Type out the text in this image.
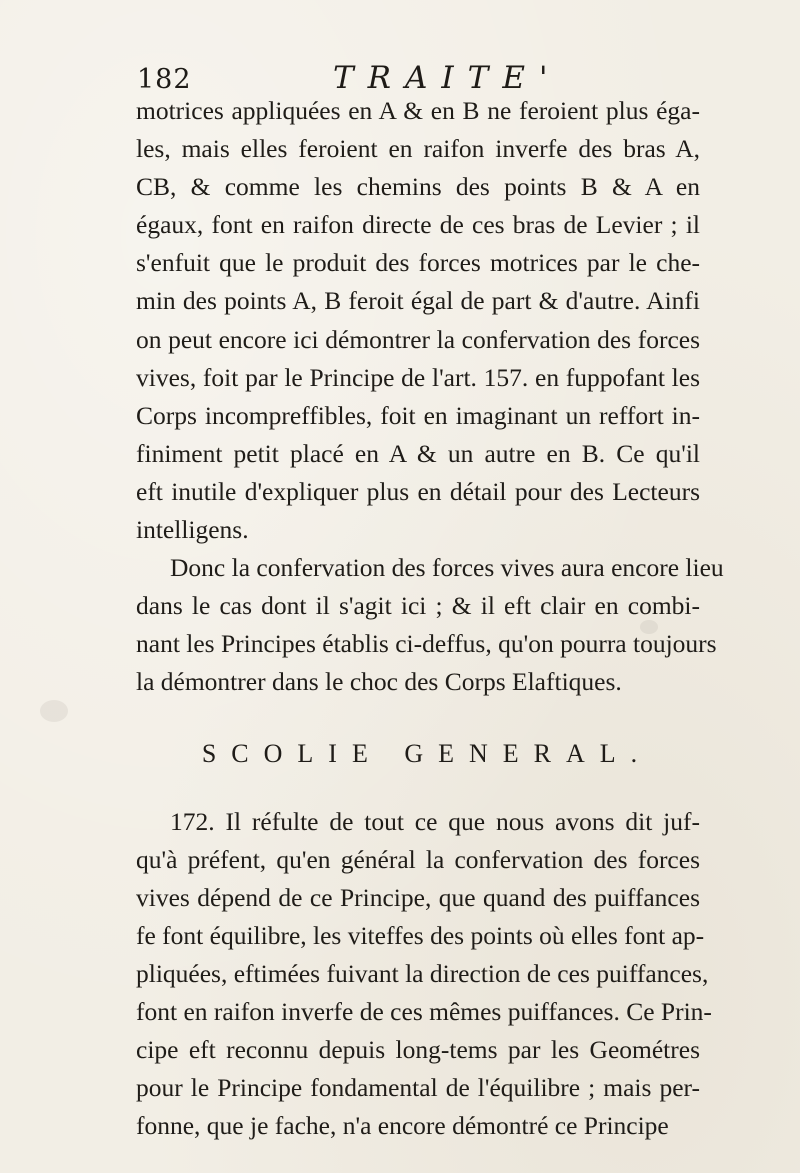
182	TRAITE'
motrices appliquées en A & en B ne feroient plus éga-
les, mais elles feroient en raifon inverfe des bras A,
CB, & comme les chemins des points B & A en
égaux, font en raifon directe de ces bras de Levier ; il
s'enfuit que le produit des forces motrices par le che-
min des points A, B feroit égal de part & d'autre. Ainfi
on peut encore ici démontrer la confervation des forces
vives, foit par le Principe de l'art. 157. en fuppofant les
Corps incompreffibles, foit en imaginant un reffort in-
finiment petit placé en A & un autre en B. Ce qu'il
eft inutile d'expliquer plus en détail pour des Lecteurs
intelligens.
Donc la confervation des forces vives aura encore lieu
dans le cas dont il s'agit ici ; & il eft clair en combi-
nant les Principes établis ci-deffus, qu'on pourra toujours
la démontrer dans le choc des Corps Elaftiques.
SCOLIE GENERAL.
172. Il réfulte de tout ce que nous avons dit juf-
qu'à préfent, qu'en général la confervation des forces
vives dépend de ce Principe, que quand des puiffances
fe font équilibre, les viteffes des points où elles font ap-
pliquées, eftimées fuivant la direction de ces puiffances,
font en raifon inverfe de ces mêmes puiffances. Ce Prin-
cipe eft reconnu depuis long-tems par les Geométres
pour le Principe fondamental de l'équilibre ; mais per-
fonne, que je fache, n'a encore démontré ce Principe
